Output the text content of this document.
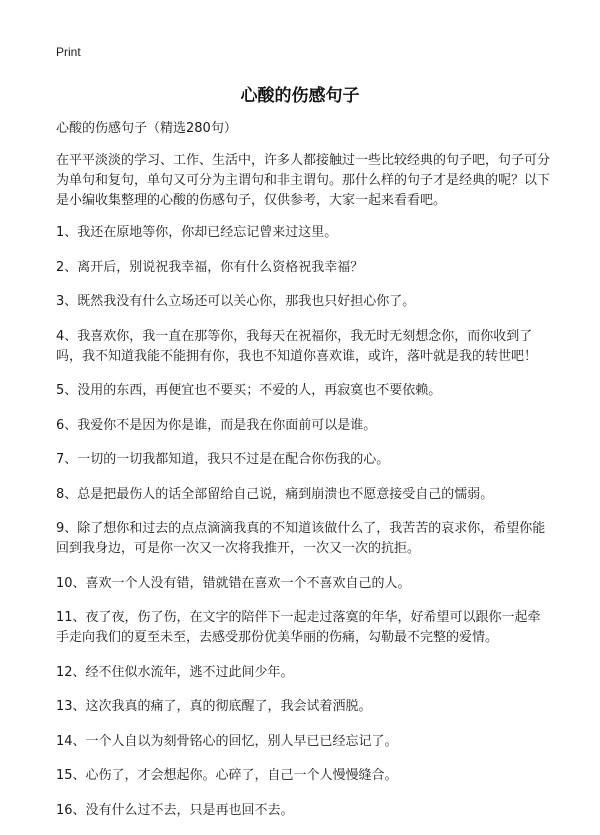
Print
心酸的伤感句子

心酸的伤感句子（精选280句）

在平平淡淡的学习、工作、生活中，许多人都接触过一些比较经典的句子吧，句子可分为单句和复句，单句又可分为主谓句和非主谓句。那什么样的句子才是经典的呢？以下是小编收集整理的心酸的伤感句子，仅供参考，大家一起来看看吧。

1、我还在原地等你，你却已经忘记曾来过这里。
2、离开后，别说祝我幸福，你有什么资格祝我幸福？
3、既然我没有什么立场还可以关心你，那我也只好担心你了。
4、我喜欢你，我一直在那等你，我每天在祝福你，我无时无刻想念你，而你收到了吗，我不知道我能不能拥有你，我也不知道你喜欢谁，或许，落叶就是我的转世吧！
5、没用的东西，再便宜也不要买；不爱的人，再寂寞也不要依赖。
6、我爱你不是因为你是谁，而是我在你面前可以是谁。
7、一切的一切我都知道，我只不过是在配合你伤我的心。
8、总是把最伤人的话全部留给自己说，痛到崩溃也不愿意接受自己的懦弱。
9、除了想你和过去的点点滴滴我真的不知道该做什么了，我苦苦的哀求你，希望你能回到我身边，可是你一次又一次将我推开，一次又一次的抗拒。
10、喜欢一个人没有错，错就错在喜欢一个不喜欢自己的人。
11、夜了夜，伤了伤，在文字的陪伴下一起走过落寞的年华，好希望可以跟你一起牵手走向我们的夏至未至，去感受那份优美华丽的伤痛，勾勒最不完整的爱情。
12、经不住似水流年，逃不过此间少年。
13、这次我真的痛了，真的彻底醒了，我会试着洒脱。
14、一个人自以为刻骨铭心的回忆，别人早已已经忘记了。
15、心伤了，才会想起你。心碎了，自己一个人慢慢缝合。
16、没有什么过不去，只是再也回不去。
